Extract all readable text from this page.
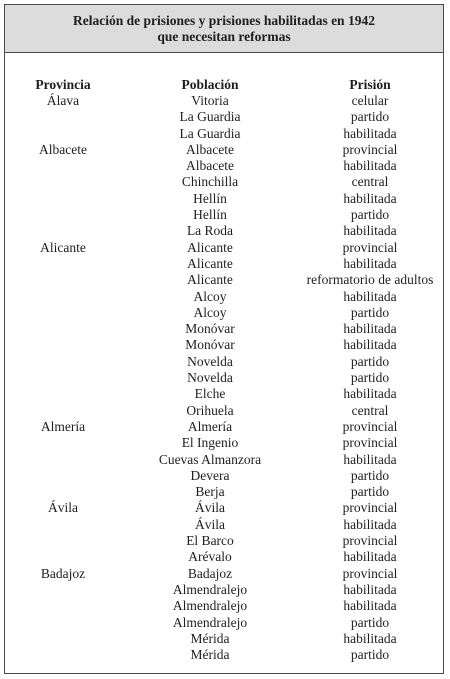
Relación de prisiones y prisiones habilitadas en 1942
que necesitan reformas
Provincia	Población	Prisión
Álava	Vitoria	celular
	La Guardia	partido
	La Guardia	habilitada
Albacete	Albacete	provincial
	Albacete	habilitada
	Chinchilla	central
	Hellín	habilitada
	Hellín	partido
	La Roda	habilitada
Alicante	Alicante	provincial
	Alicante	habilitada
	Alicante	reformatorio de adultos
	Alcoy	habilitada
	Alcoy	partido
	Monóvar	habilitada
	Monóvar	habilitada
	Novelda	partido
	Novelda	partido
	Elche	habilitada
	Orihuela	central
Almería	Almería	provincial
	El Ingenio	provincial
	Cuevas Almanzora	habilitada
	Devera	partido
	Berja	partido
Ávila	Ávila	provincial
	Ávila	habilitada
	El Barco	provincial
	Arévalo	habilitada
Badajoz	Badajoz	provincial
	Almendralejo	habilitada
	Almendralejo	habilitada
	Almendralejo	partido
	Mérida	habilitada
	Mérida	partido
